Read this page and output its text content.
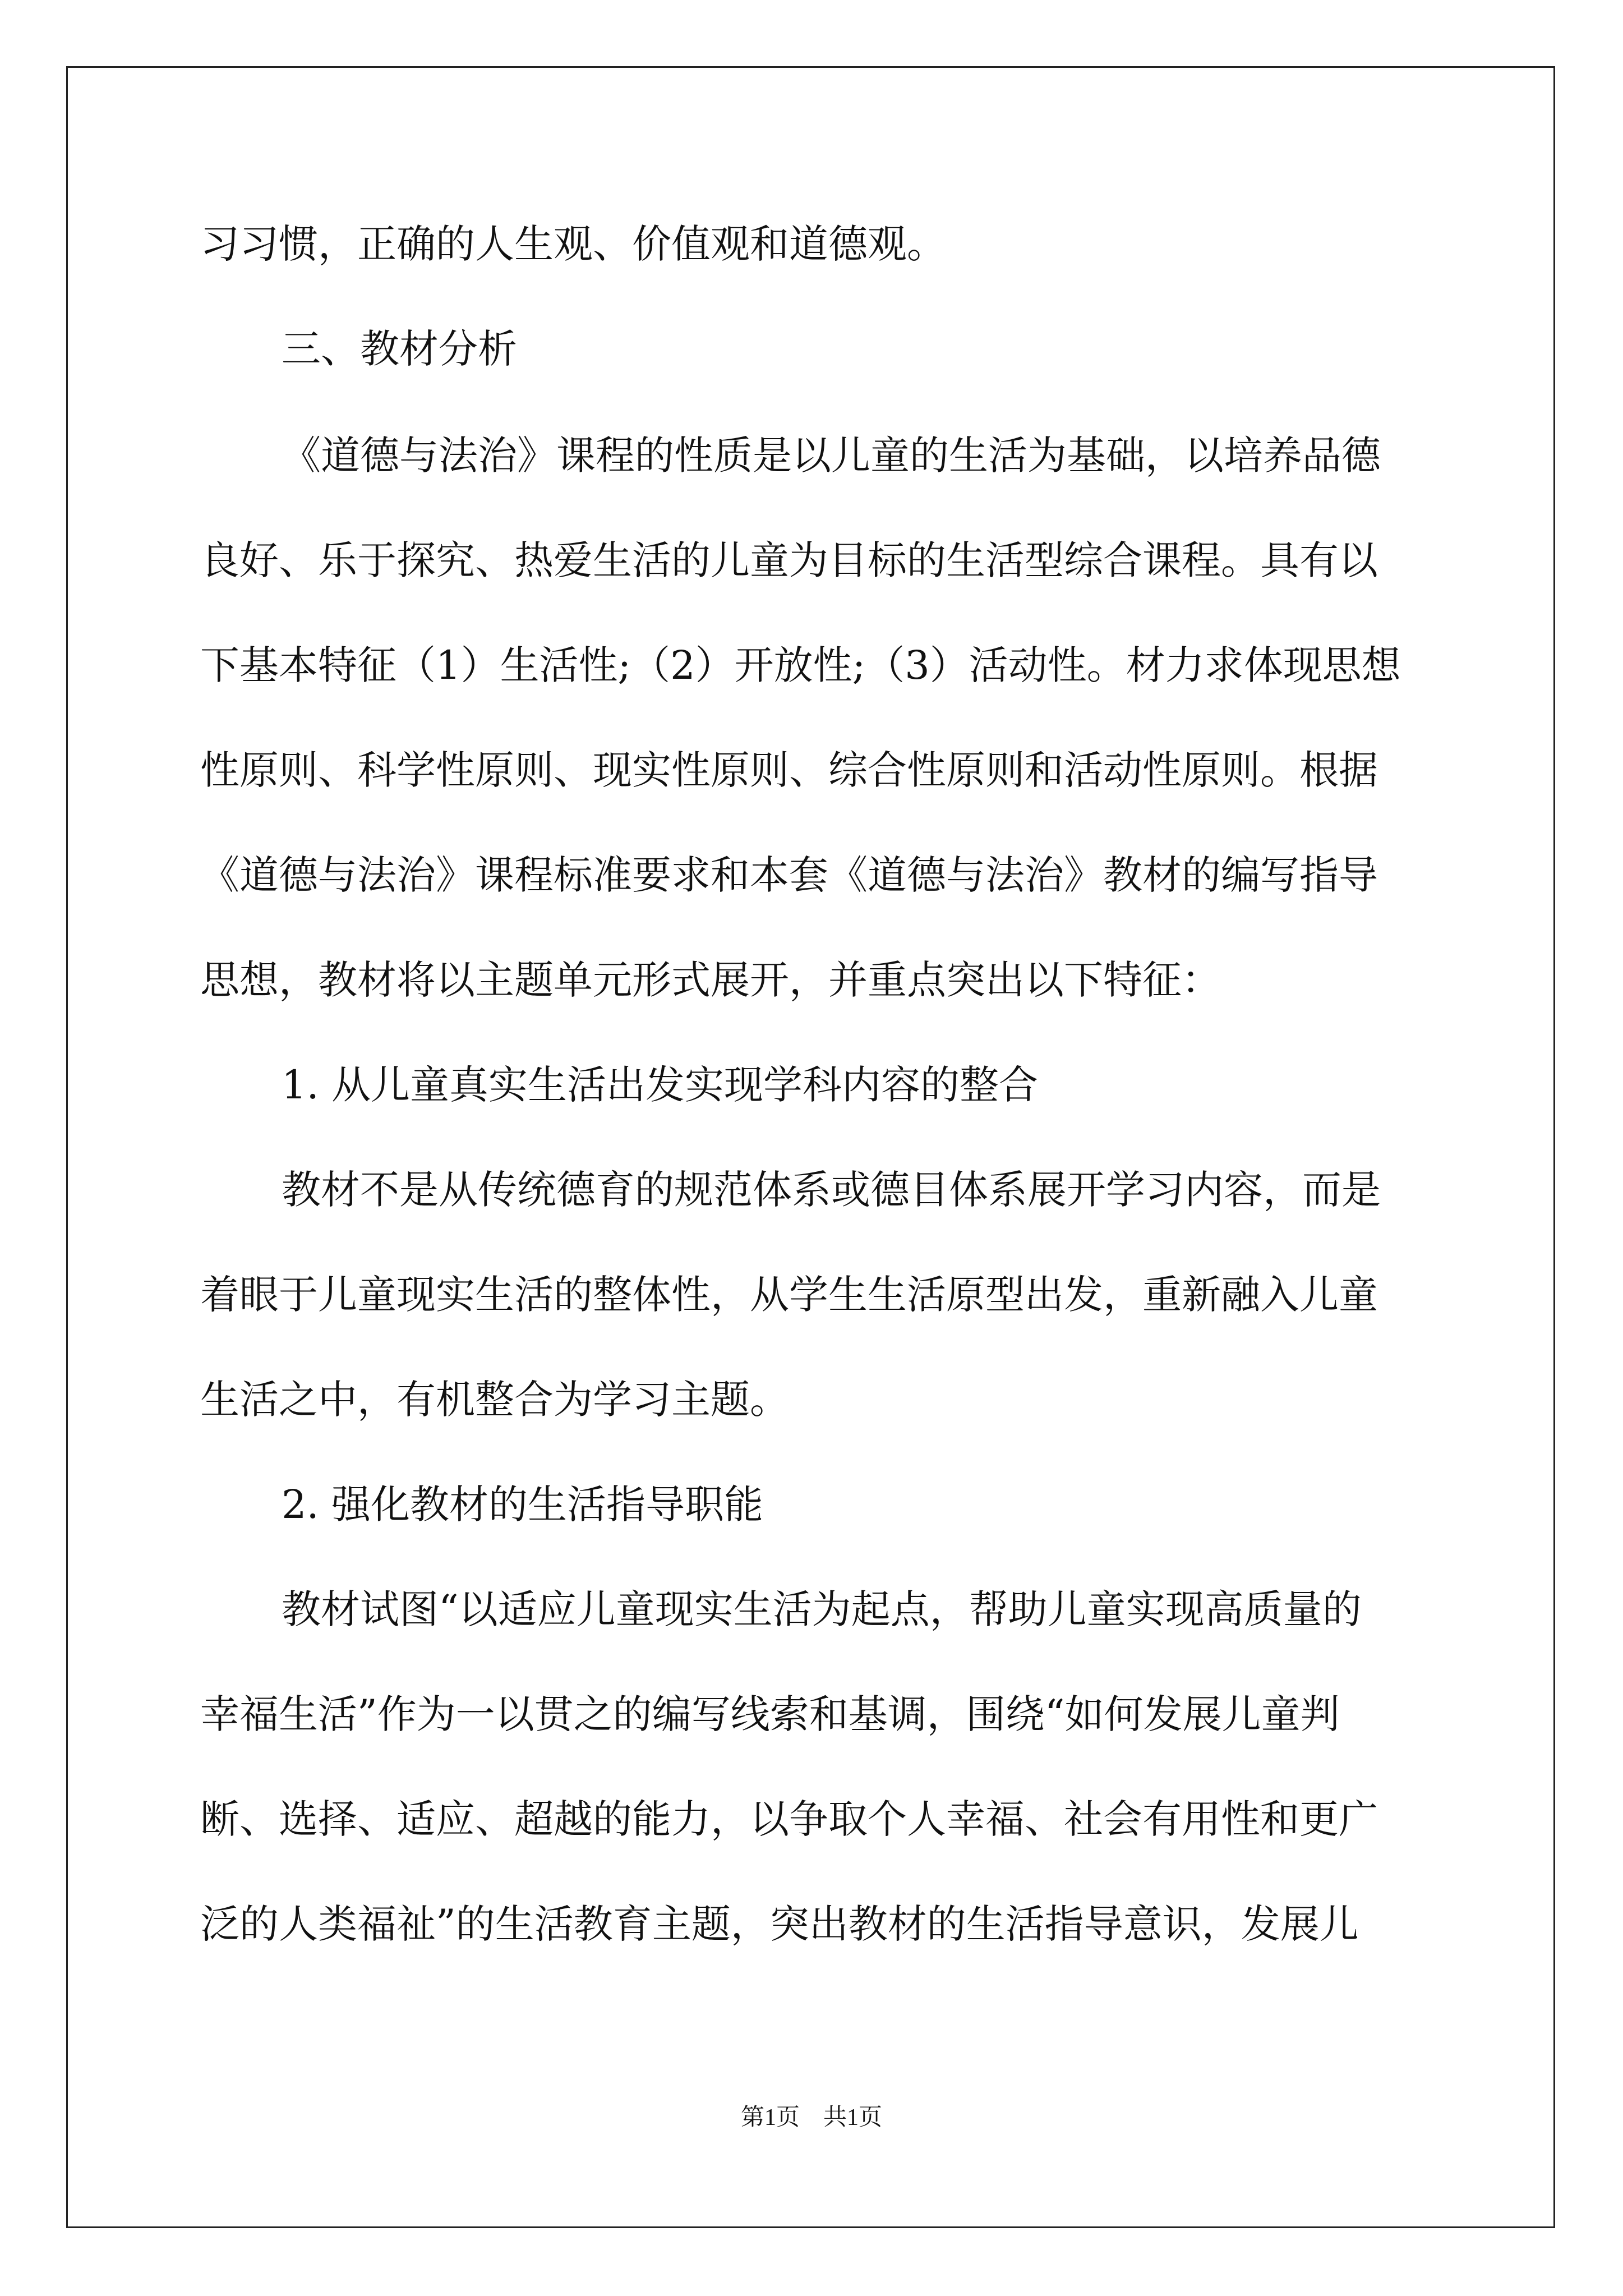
习习惯，正确的人生观、价值观和道德观。
三、教材分析
《道德与法治》课程的性质是以儿童的生活为基础，以培养品德
良好、乐于探究、热爱生活的儿童为目标的生活型综合课程。具有以
下基本特征（1）生活性;（2）开放性;（3）活动性。材力求体现思想
性原则、科学性原则、现实性原则、综合性原则和活动性原则。根据
《道德与法治》课程标准要求和本套《道德与法治》教材的编写指导
思想，教材将以主题单元形式展开，并重点突出以下特征：
1. 从儿童真实生活出发实现学科内容的整合
教材不是从传统德育的规范体系或德目体系展开学习内容，而是
着眼于儿童现实生活的整体性，从学生生活原型出发，重新融入儿童
生活之中，有机整合为学习主题。
2. 强化教材的生活指导职能
教材试图“以适应儿童现实生活为起点，帮助儿童实现高质量的
幸福生活”作为一以贯之的编写线索和基调，围绕“如何发展儿童判
断、选择、适应、超越的能力，以争取个人幸福、社会有用性和更广
泛的人类福祉”的生活教育主题，突出教材的生活指导意识，发展儿
第1页　共1页
